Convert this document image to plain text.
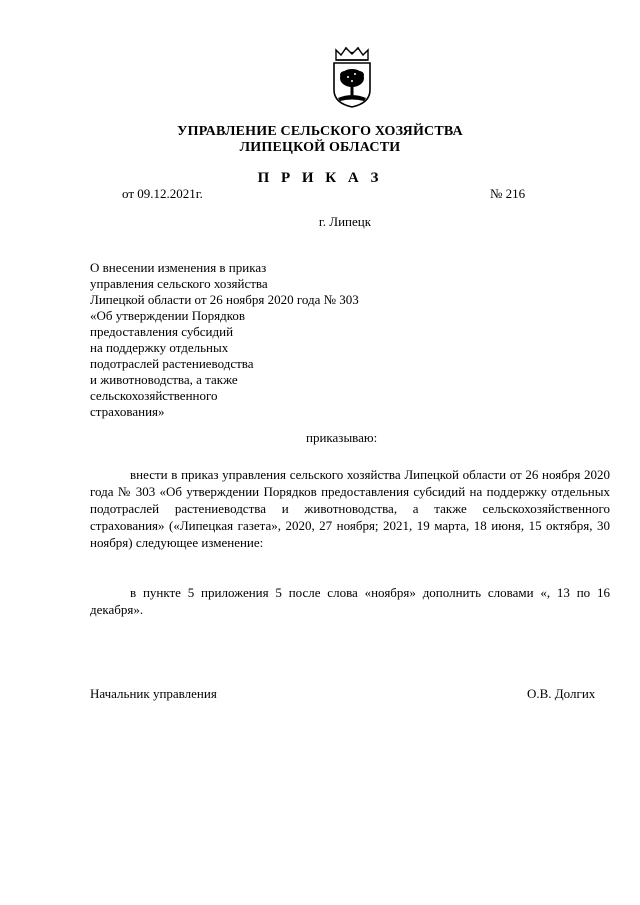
УПРАВЛЕНИЕ СЕЛЬСКОГО ХОЗЯЙСТВА
ЛИПЕЦКОЙ ОБЛАСТИ
П Р И К А З
от 09.12.2021г.	№ 216
г. Липецк
О внесении изменения в приказ
управления сельского хозяйства
Липецкой области от 26 ноября 2020 года № 303
«Об утверждении Порядков
предоставления субсидий
на поддержку отдельных
подотраслей растениеводства
и животноводства, а также
сельскохозяйственного
страхования»
приказываю:
внести в приказ управления сельского хозяйства Липецкой области от 26 ноября 2020 года № 303 «Об утверждении Порядков предоставления субсидий на поддержку отдельных подотраслей растениеводства и животноводства, а также сельскохозяйственного страхования» («Липецкая газета», 2020, 27 ноября; 2021, 19 марта, 18 июня, 15 октября, 30 ноября) следующее изменение:
в пункте 5 приложения 5 после слова «ноября» дополнить словами «, 13 по 16 декабря».
Начальник управления	О.В. Долгих
